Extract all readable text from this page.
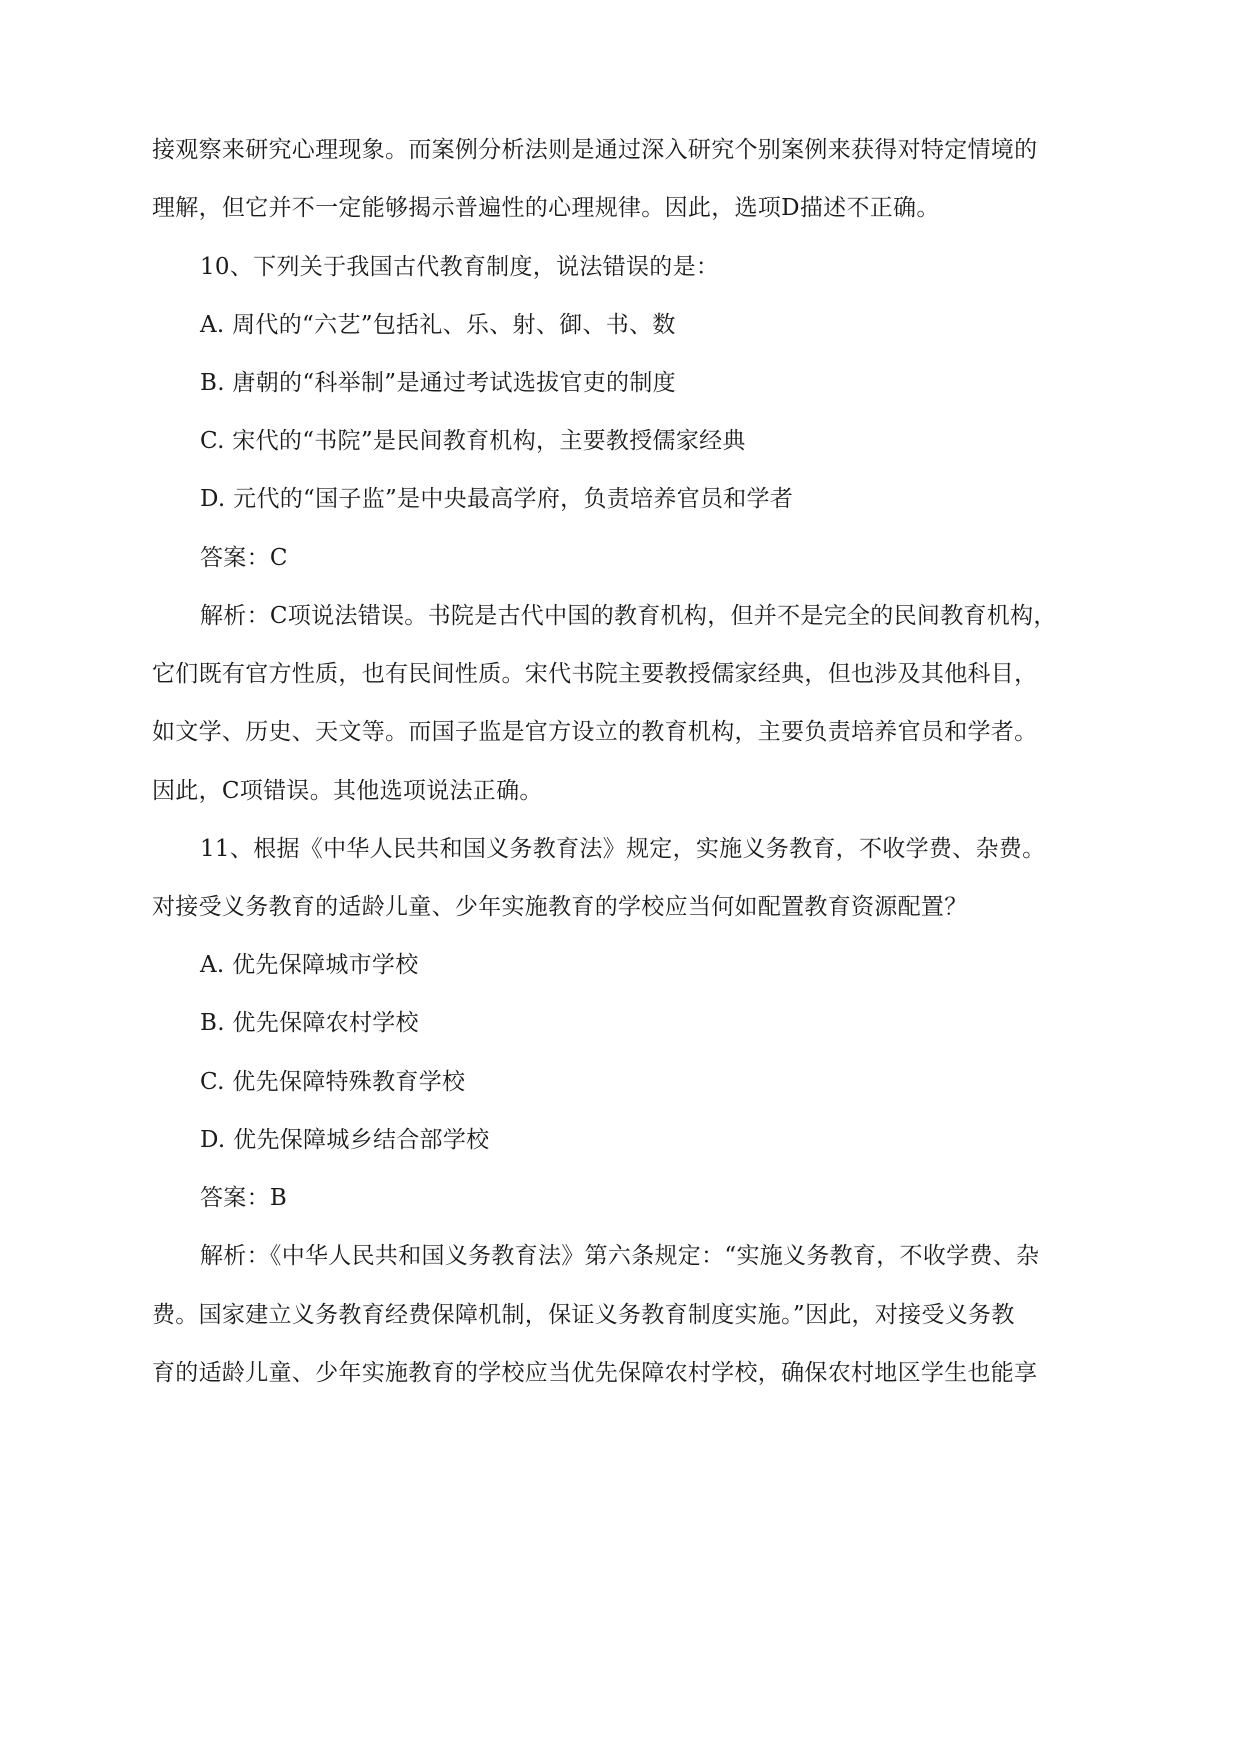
接观察来研究心理现象。而案例分析法则是通过深入研究个别案例来获得对特定情境的
理解，但它并不一定能够揭示普遍性的心理规律。因此，选项D描述不正确。
10、下列关于我国古代教育制度，说法错误的是：
A. 周代的“六艺”包括礼、乐、射、御、书、数
B. 唐朝的“科举制”是通过考试选拔官吏的制度
C. 宋代的“书院”是民间教育机构，主要教授儒家经典
D. 元代的“国子监”是中央最高学府，负责培养官员和学者
答案：C
解析：C项说法错误。书院是古代中国的教育机构，但并不是完全的民间教育机构，
它们既有官方性质，也有民间性质。宋代书院主要教授儒家经典，但也涉及其他科目，
如文学、历史、天文等。而国子监是官方设立的教育机构，主要负责培养官员和学者。
因此，C项错误。其他选项说法正确。
11、根据《中华人民共和国义务教育法》规定，实施义务教育，不收学费、杂费。
对接受义务教育的适龄儿童、少年实施教育的学校应当何如配置教育资源配置？
A. 优先保障城市学校
B. 优先保障农村学校
C. 优先保障特殊教育学校
D. 优先保障城乡结合部学校
答案：B
解析：《中华人民共和国义务教育法》第六条规定：“实施义务教育，不收学费、杂
费。国家建立义务教育经费保障机制，保证义务教育制度实施。”因此，对接受义务教
育的适龄儿童、少年实施教育的学校应当优先保障农村学校，确保农村地区学生也能享
